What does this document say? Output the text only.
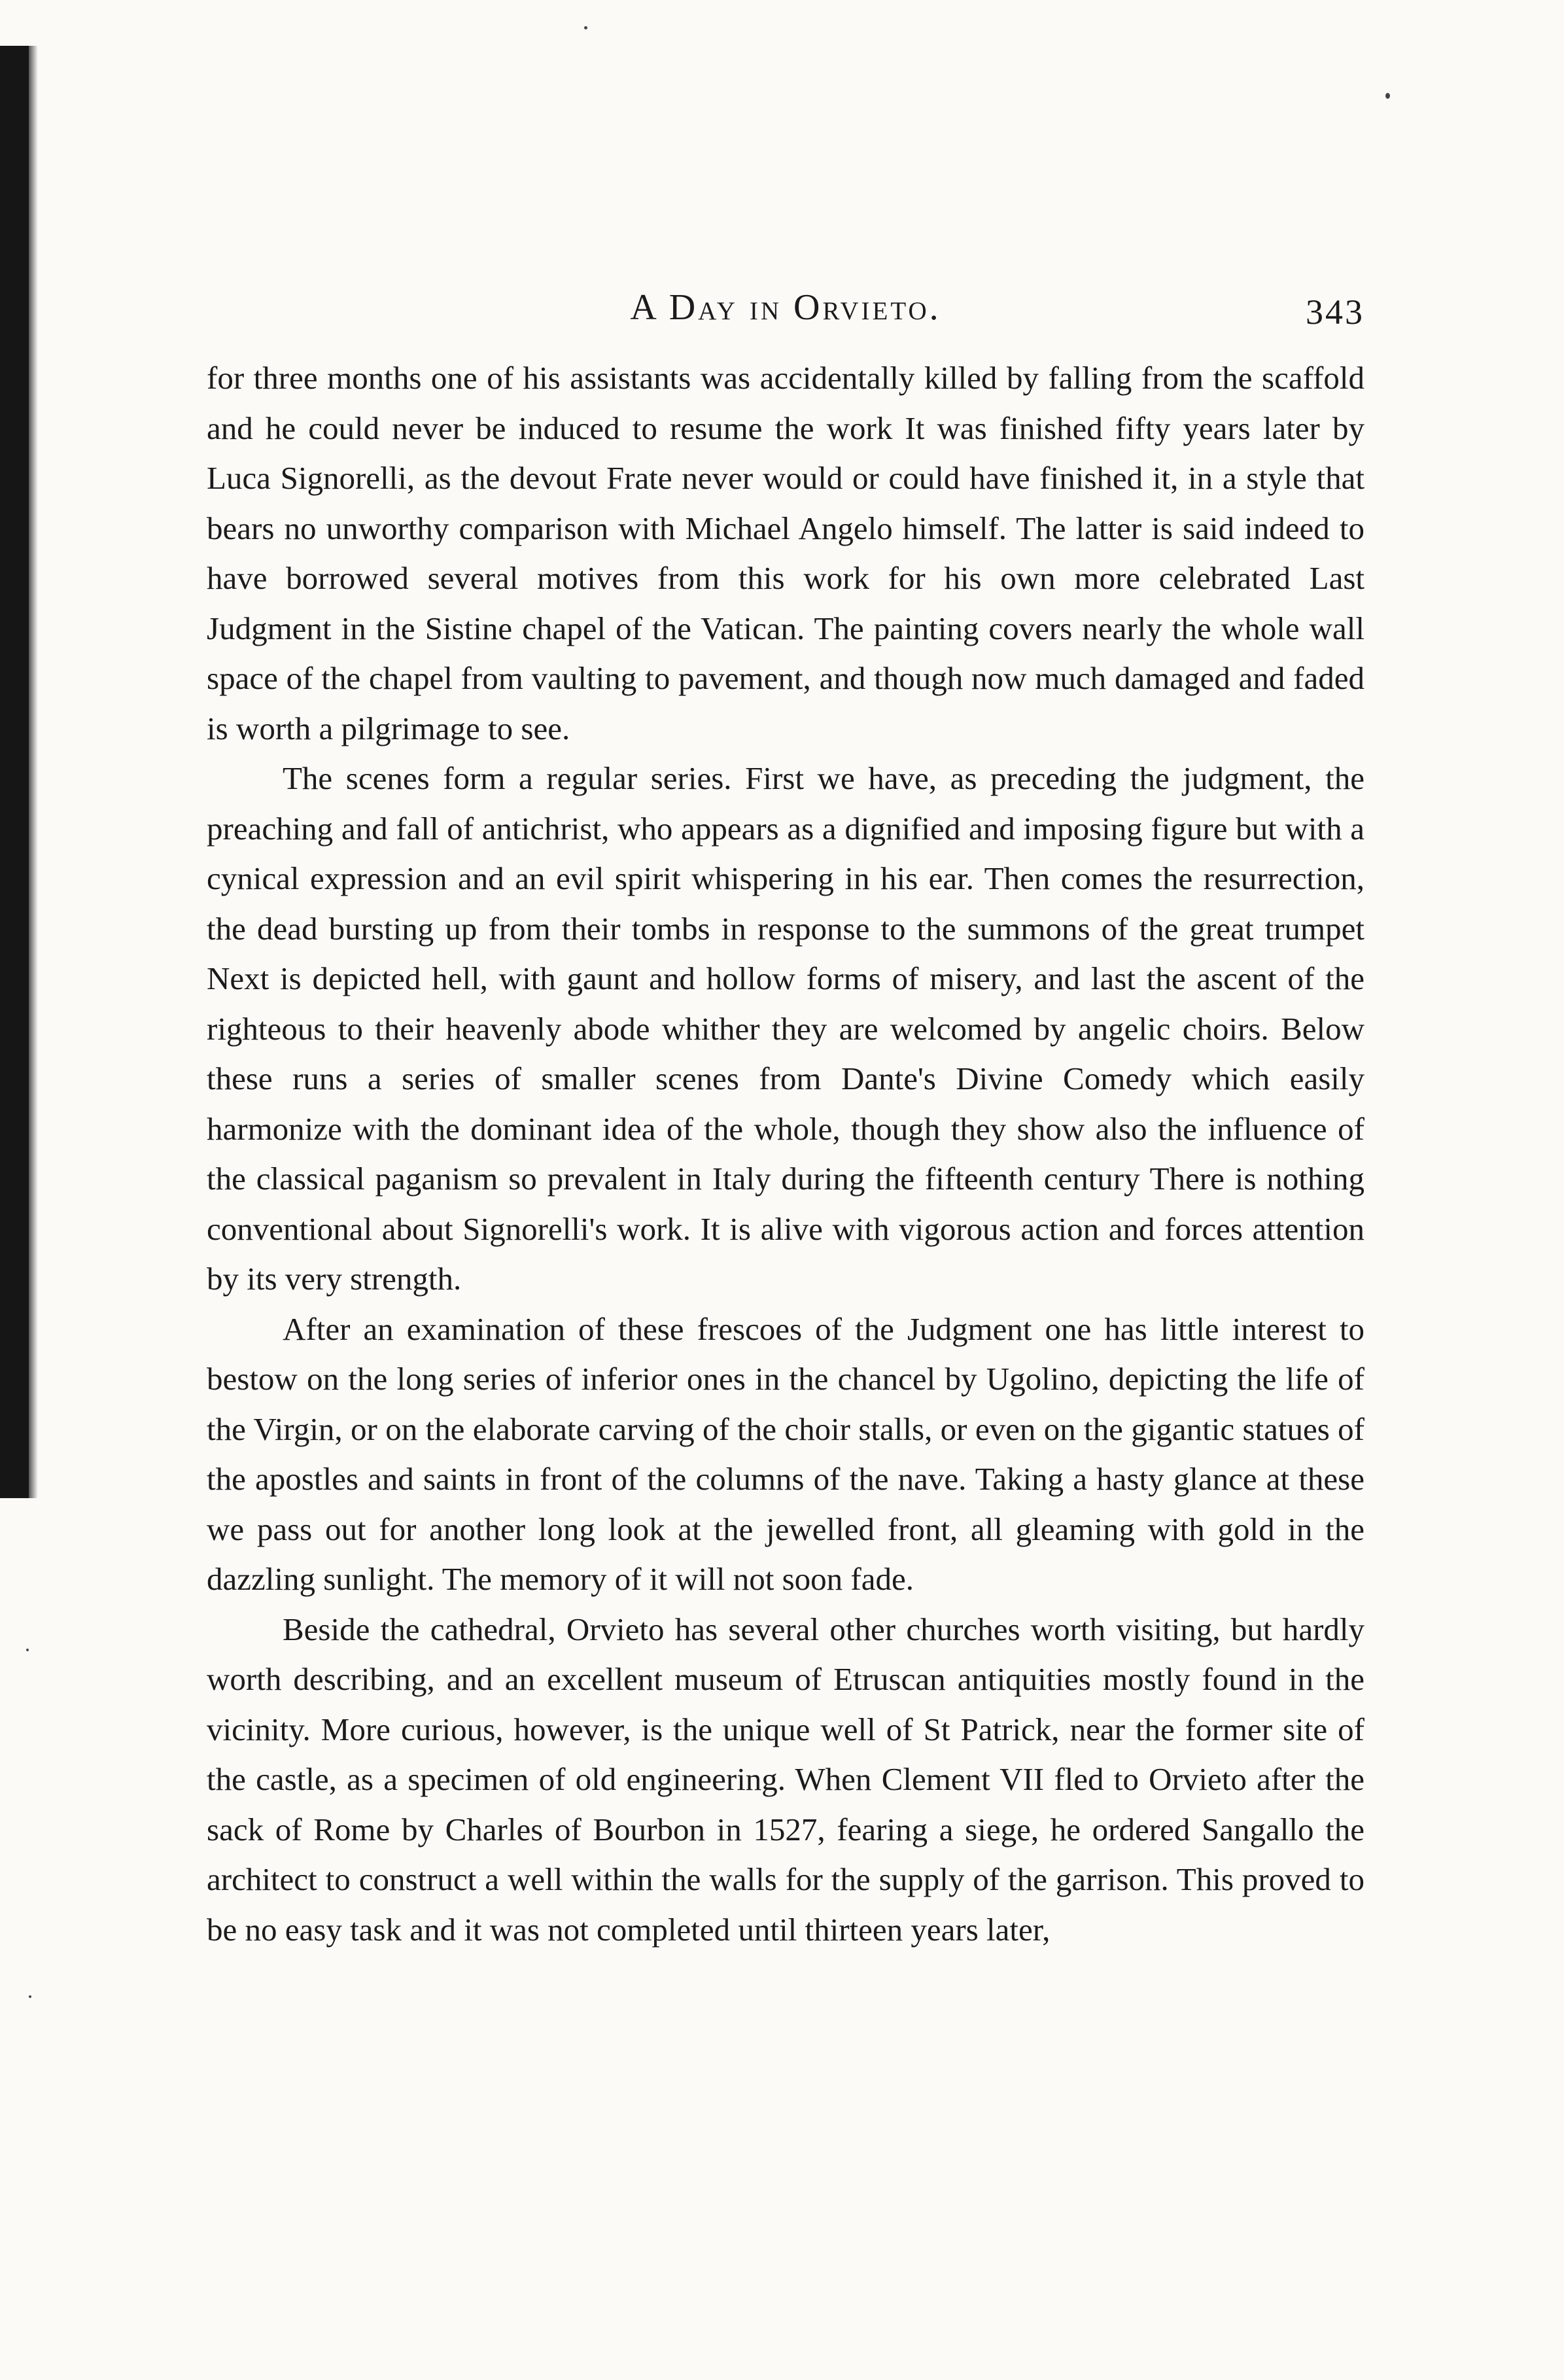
A Day in Orvieto.	343

for three months one of his assistants was accidentally killed by falling from the scaffold and he could never be induced to resume the work It was finished fifty years later by Luca Signorelli, as the devout Frate never would or could have finished it, in a style that bears no unworthy comparison with Michael Angelo himself. The latter is said indeed to have borrowed several motives from this work for his own more celebrated Last Judgment in the Sistine chapel of the Vatican. The painting covers nearly the whole wall space of the chapel from vaulting to pavement, and though now much damaged and faded is worth a pilgrimage to see.

The scenes form a regular series. First we have, as preceding the judgment, the preaching and fall of antichrist, who appears as a dignified and imposing figure but with a cynical expression and an evil spirit whispering in his ear. Then comes the resurrection, the dead bursting up from their tombs in response to the summons of the great trumpet Next is depicted hell, with gaunt and hollow forms of misery, and last the ascent of the righteous to their heavenly abode whither they are welcomed by angelic choirs. Below these runs a series of smaller scenes from Dante's Divine Comedy which easily harmonize with the dominant idea of the whole, though they show also the influence of the classical paganism so prevalent in Italy during the fifteenth century There is nothing conventional about Signorelli's work. It is alive with vigorous action and forces attention by its very strength.

After an examination of these frescoes of the Judgment one has little interest to bestow on the long series of inferior ones in the chancel by Ugolino, depicting the life of the Virgin, or on the elaborate carving of the choir stalls, or even on the gigantic statues of the apostles and saints in front of the columns of the nave. Taking a hasty glance at these we pass out for another long look at the jewelled front, all gleaming with gold in the dazzling sunlight. The memory of it will not soon fade.

Beside the cathedral, Orvieto has several other churches worth visiting, but hardly worth describing, and an excellent museum of Etruscan antiquities mostly found in the vicinity. More curious, however, is the unique well of St Patrick, near the former site of the castle, as a specimen of old engineering. When Clement VII fled to Orvieto after the sack of Rome by Charles of Bourbon in 1527, fearing a siege, he ordered Sangallo the architect to construct a well within the walls for the supply of the garrison. This proved to be no easy task and it was not completed until thirteen years later,
